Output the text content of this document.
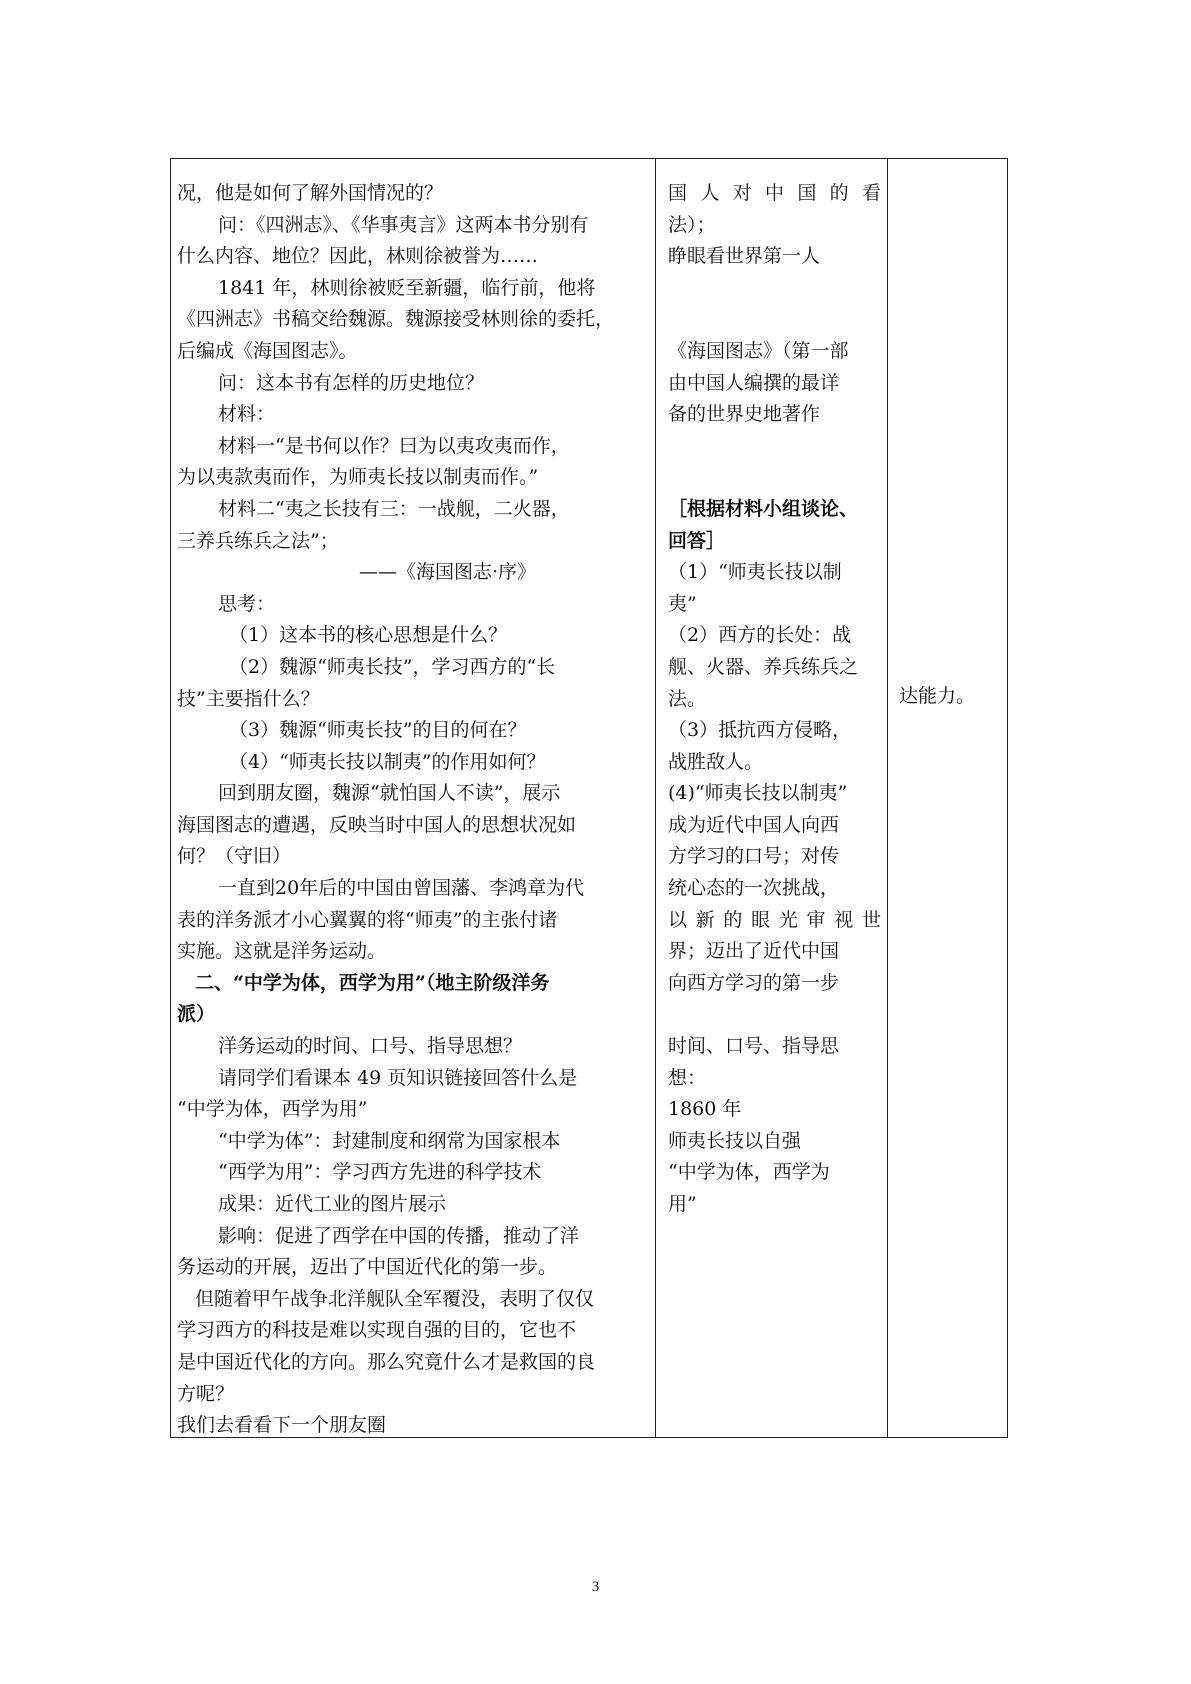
况，他是如何了解外国情况的？
问：《四洲志》、《华事夷言》这两本书分别有
什么内容、地位？因此，林则徐被誉为……
1841 年，林则徐被贬至新疆，临行前，他将
《四洲志》书稿交给魏源。魏源接受林则徐的委托，
后编成《海国图志》。
问：这本书有怎样的历史地位？
材料：
材料一“是书何以作？曰为以夷攻夷而作，
为以夷款夷而作，为师夷长技以制夷而作。”
材料二“夷之长技有三：一战舰，二火器，
三养兵练兵之法”；
——《海国图志·序》
思考：
（1）这本书的核心思想是什么？
（2）魏源“师夷长技”，学习西方的“长
技”主要指什么？
（3）魏源“师夷长技”的目的何在？
（4）“师夷长技以制夷”的作用如何？
回到朋友圈，魏源“就怕国人不读”，展示
海国图志的遭遇，反映当时中国人的思想状况如
何？（守旧）
一直到20年后的中国由曾国藩、李鸿章为代
表的洋务派才小心翼翼的将“师夷”的主张付诸
实施。这就是洋务运动。
二、“中学为体，西学为用”（地主阶级洋务
派）
洋务运动的时间、口号、指导思想？
请同学们看课本 49 页知识链接回答什么是
“中学为体，西学为用”
“中学为体”：封建制度和纲常为国家根本
“西学为用”：学习西方先进的科学技术
成果：近代工业的图片展示
影响：促进了西学在中国的传播，推动了洋
务运动的开展，迈出了中国近代化的第一步。
但随着甲午战争北洋舰队全军覆没，表明了仅仅
学习西方的科技是难以实现自强的目的，它也不
是中国近代化的方向。那么究竟什么才是救国的良
方呢？
我们去看看下一个朋友圈
国人对中国的看
法）；
睁眼看世界第一人
《海国图志》（第一部
由中国人编撰的最详
备的世界史地著作
［根据材料小组谈论、
回答］
（1）“师夷长技以制
夷”
（2）西方的长处：战
舰、火器、养兵练兵之
法。
（3）抵抗西方侵略，
战胜敌人。
(4)“师夷长技以制夷”
成为近代中国人向西
方学习的口号；对传
统心态的一次挑战，
以新的眼光审视世
界；迈出了近代中国
向西方学习的第一步
时间、口号、指导思
想：
1860 年
师夷长技以自强
“中学为体，西学为
用”
达能力。
3
